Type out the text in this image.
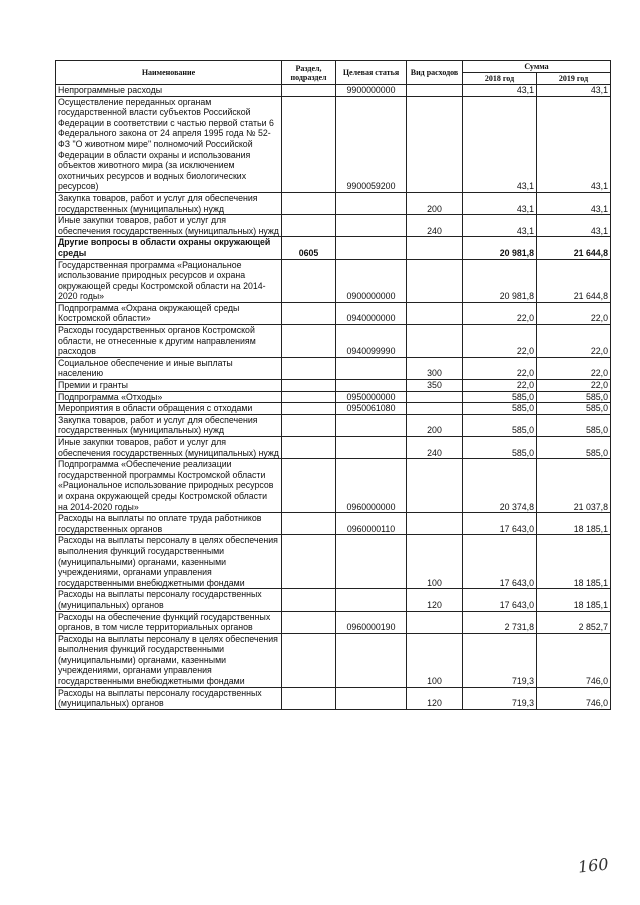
Наименование	Раздел, подраздел	Целевая статья	Вид расходов	Сумма	
				2018 год	2019 год
Непрограммные расходы		9900000000		43,1	43,1
Осуществление переданных органам государственной власти субъектов Российской Федерации в соответствии с частью первой статьи 6 Федерального закона от 24 апреля 1995 года № 52-ФЗ "О животном мире" полномочий Российской Федерации в области охраны и использования объектов животного мира (за исключением охотничьих ресурсов и водных биологических ресурсов)		9900059200		43,1	43,1
Закупка товаров, работ и услуг для обеспечения государственных (муниципальных) нужд			200	43,1	43,1
Иные закупки товаров, работ и услуг для обеспечения государственных (муниципальных) нужд			240	43,1	43,1
Другие вопросы в области охраны окружающей среды	0605			20 981,8	21 644,8
Государственная программа «Рациональное использование природных ресурсов и охрана окружающей среды Костромской области на 2014-2020 годы»		0900000000		20 981,8	21 644,8
Подпрограмма «Охрана окружающей среды Костромской области»		0940000000		22,0	22,0
Расходы государственных органов Костромской области, не отнесенные к другим направлениям расходов		0940099990		22,0	22,0
Социальное обеспечение и иные выплаты населению			300	22,0	22,0
Премии и гранты			350	22,0	22,0
Подпрограмма «Отходы»		0950000000		585,0	585,0
Мероприятия в области обращения с отходами		0950061080		585,0	585,0
Закупка товаров, работ и услуг для обеспечения государственных (муниципальных) нужд			200	585,0	585,0
Иные закупки товаров, работ и услуг для обеспечения государственных (муниципальных) нужд			240	585,0	585,0
Подпрограмма «Обеспечение реализации государственной программы Костромской области «Рациональное использование природных ресурсов и охрана окружающей среды Костромской области на 2014-2020 годы»		0960000000		20 374,8	21 037,8
Расходы на выплаты по оплате труда работников государственных органов		0960000110		17 643,0	18 185,1
Расходы на выплаты персоналу в целях обеспечения выполнения функций государственными (муниципальными) органами, казенными учреждениями, органами управления государственными внебюджетными фондами			100	17 643,0	18 185,1
Расходы на выплаты персоналу государственных (муниципальных) органов			120	17 643,0	18 185,1
Расходы на обеспечение функций государственных органов, в том числе территориальных органов		0960000190		2 731,8	2 852,7
Расходы на выплаты персоналу в целях обеспечения выполнения функций государственными (муниципальными) органами, казенными учреждениями, органами управления государственными внебюджетными фондами			100	719,3	746,0
Расходы на выплаты персоналу государственных (муниципальных) органов			120	719,3	746,0
160
